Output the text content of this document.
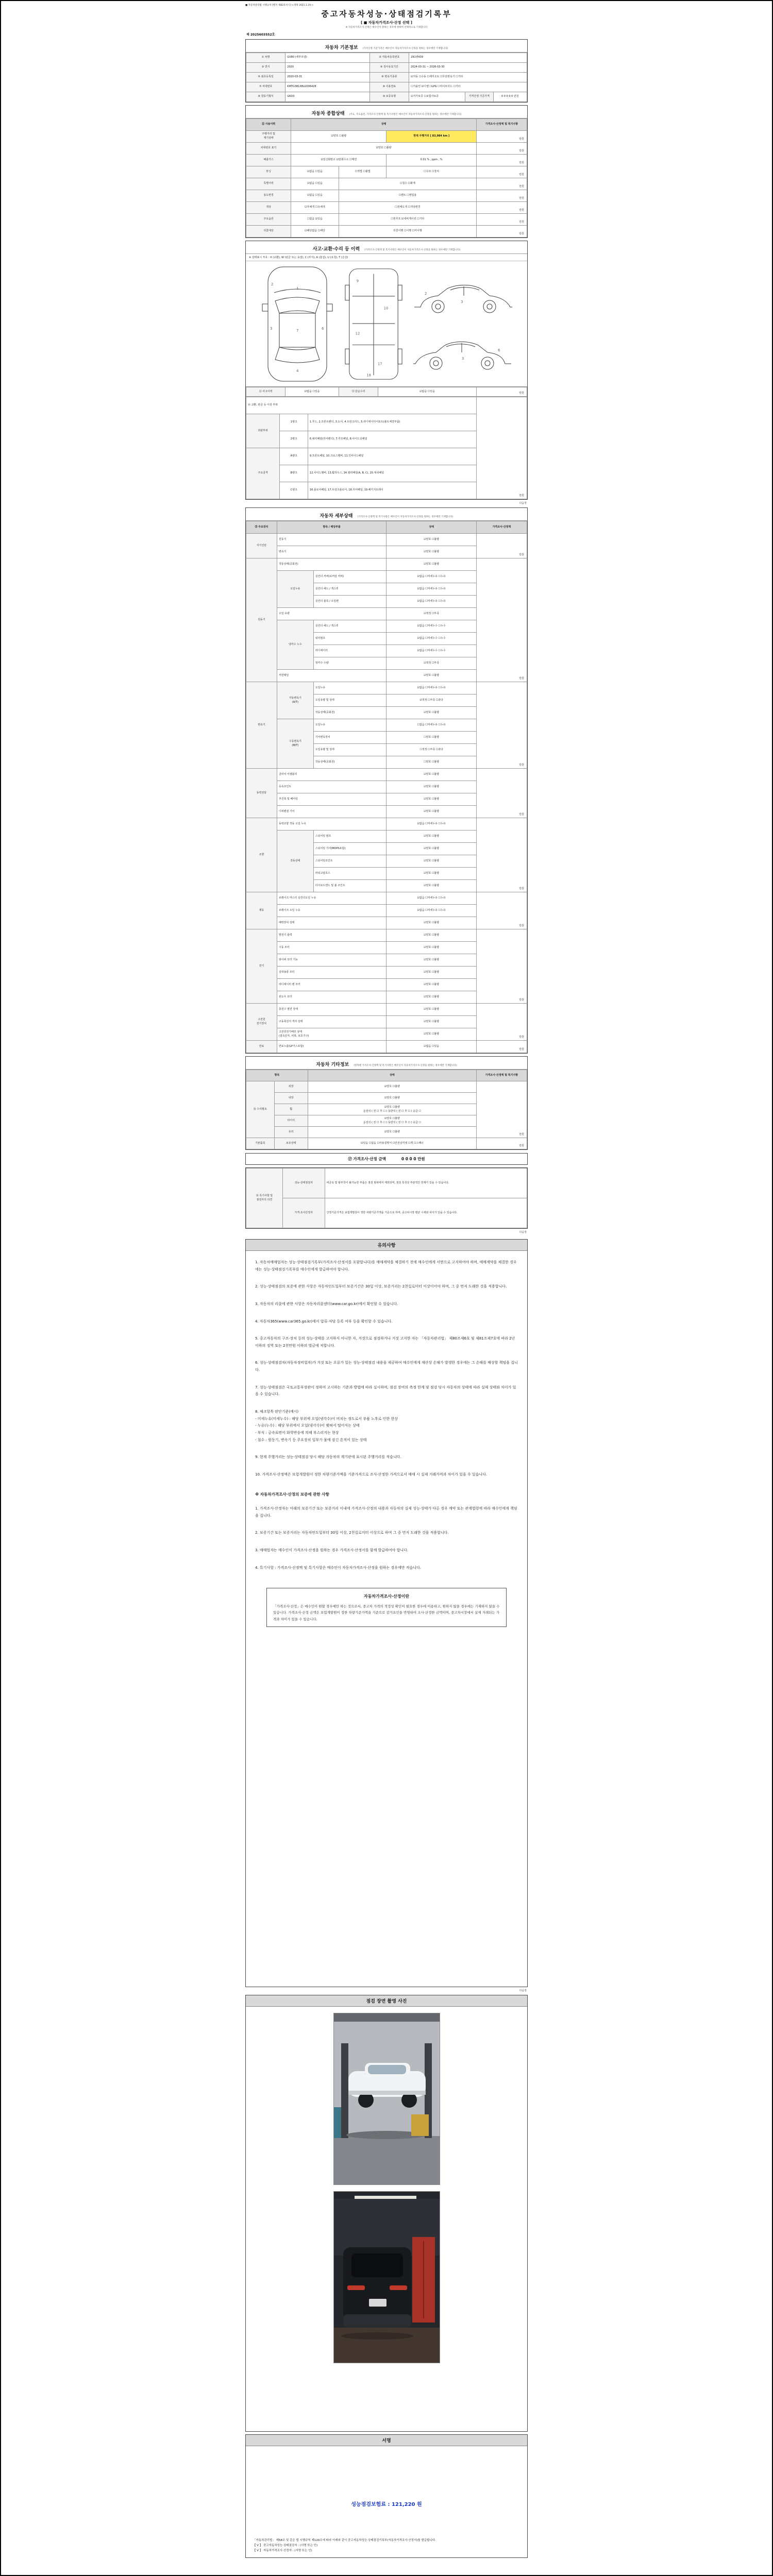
■ 자동차관리법 시행규칙 [별지 제82호서식] <개정 2021.1.19.>
중고자동차성능·상태점검기록부
[ ■ 자동차가격조사·산정 선택 ]
※ 자동차가격조사·산정은 매수인이 원하는 경우에 한하여 선택적으로 기재합니다
제 2025603552호
자동차 기본정보 (가격산정 기준가격은 매수인이 자동차가격조사·산정을 원하는 경우에만 기재합니다)
① 차명	GV80 (세부모델)	② 자동차등록번호	291병439		
③ 연식	2020	④ 검사유효기간	2024-03-31 ~ 2026-03-30		
⑤ 최초등록일	2020-03-31	⑥ 변속기종류	☑자동 ☐수동 ☐세미오토 ☐무단변속기 ☐기타		
⑦ 차대번호	KMTG381XBLU006428	⑧ 사용연료	☐가솔린 ☑디젤 ☐LPG ☐하이브리드 ☐기타		
⑨ 원동기형식	G6D3	⑩ 보증유형	☑자가보증 ☐보험사보증	가격산정 기준가격	0 0 0 0 0 만원
자동차 종합상태 (주요, 주요옵션, 가격조사·산정액 및 특기사항은 매수인이 자동차가격조사·산정을 원하는 경우에만 기재합니다)
⑪ 사용이력	상태			가격조사·산정액 및 특기사항
주행거리 및
계기상태	☑양호 ☐불량		현재 주행거리 [ 83,984 km ]	만원
차대번호 표기	☑양호 ☐불량			만원
배출가스	☑일산화탄소 ☑탄화수소 ☐매연		0.01 % , ppm , %	만원
튜닝	☑없음 ☐있음	☐적법 ☐불법	☐구조 ☐장치	만원
특별이력	☑없음 ☐있음	☐침수 ☐화재		만원
용도변경	☑없음 ☐있음	☐렌트 ☐영업용		만원
색상	☑무채색 ☐유채색	☐전체도색 ☐색상변경		만원
주요옵션	☐없음 ☑있음	☐썬루프 ☑네비게이션 ☐기타		만원
리콜대상	☑해당없음 ☐해당	리콜이행 ☐이행 ☐미이행		만원
사고·교환·수리 등 이력 (가격조사·산정액 및 특기사항은 매수인이 자동차가격조사·산정을 원하는 경우에만 기재합니다)
※ 상태표시 부호 : X (교환), W (판금 또는 용접), C (부식), A (흠집), U (요철), T (손상)
1
2
3	7	6
4
9
10
12
17
18
3
2
3
6
⑫ 사고이력	☑없음 ☐있음	⑬ 단순수리	☑없음 ☐있음	만원
⑭ 교환, 판금 등 이상 부위			만원
외판부위	1랭크	1.후드, 2.프론트펜더, 3.도어, 4.트렁크리드, 5.라디에이터서포트(볼트체결부품)	
	2랭크	6.쿼터패널(리어펜더), 7.루프패널, 8.사이드실패널	
주요골격	A랭크	9.프론트패널, 10.크로스멤버, 11.인사이드패널	
	B랭크	12.사이드멤버, 13.휠하우스, 14.필러패널(A, B, C), 15.대쉬패널	
	C랭크	16.플로어패널, 17.트렁크플로어, 18.리어패널, 19.패키지트레이	
다음장
자동차 세부상태 (가격조사·산정액 및 특기사항은 매수인이 자동차가격조사·산정을 원하는 경우에만 기재합니다)
⑮ 주요장치	항목 / 해당부품		상태	가격조사·산정액
자기진단	원동기		☑양호 ☐불량	만원
	변속기		☑양호 ☐불량	
원동기	작동상태(공회전)		☑양호 ☐불량	만원
	오일누유	실린더 커버(로커암 커버)	☑없음 ☐미세누유 ☐누유	
		실린더 헤드 / 개스킷	☑없음 ☐미세누유 ☐누유	
		실린더 블록 / 오일팬	☑없음 ☐미세누유 ☐누유	
	오일 유량		☑적정 ☐부족	
	냉각수 누수	실린더 헤드 / 개스킷	☑없음 ☐미세누수 ☐누수	
		워터펌프	☑없음 ☐미세누수 ☐누수	
		라디에이터	☑없음 ☐미세누수 ☐누수	
		냉각수 수량	☑적정 ☐부족	
	커먼레일		☑양호 ☐불량	
변속기	자동변속기
(A/T)	오일누유	☑없음 ☐미세누유 ☐누유	만원
		오일유량 및 상태	☑적정 ☐부족 ☐과다	
		작동상태(공회전)	☑양호 ☐불량	
	수동변속기
(M/T)	오일누유	☐없음 ☐미세누유 ☐누유	
		기어변속장치	☐양호 ☐불량	
		오일유량 및 상태	☐적정 ☐부족 ☐과다	
		작동상태(공회전)	☐양호 ☐불량	
동력전달	클러치 어셈블리		☑양호 ☐불량	만원
	등속조인트		☑양호 ☐불량	
	추진축 및 베어링		☑양호 ☐불량	
	디퍼렌셜 기어		☑양호 ☐불량	
조향	동력조향 작동 오일 누유		☑없음 ☐미세누유 ☐누유	만원
	작동상태	스티어링 펌프	☑양호 ☐불량	
		스티어링 기어(MDPS포함)	☑양호 ☐불량	
		스티어링조인트	☑양호 ☐불량	
		파워고압호스	☑양호 ☐불량	
		타이로드엔드 및 볼 조인트	☑양호 ☐불량	
제동	브레이크 마스터 실린더오일 누유		☑없음 ☐미세누유 ☐누유	만원
	브레이크 오일 누유		☑없음 ☐미세누유 ☐누유	
	배력장치 상태		☑양호 ☐불량	
전기	발전기 출력		☑양호 ☐불량	만원
	시동 모터		☑양호 ☐불량	
	와이퍼 모터 기능		☑양호 ☐불량	
	실내송풍 모터		☑양호 ☐불량	
	라디에이터 팬 모터		☑양호 ☐불량	
	윈도우 모터		☑양호 ☐불량	
고전원
전기장치	충전구 절연 상태		☑양호 ☐불량	만원
	구동축전지 격리 상태		☑양호 ☐불량	
	고전원전기배선 상태
(접속단자, 피복, 보호기구)		☑양호 ☐불량	
연료	연료누출(LP가스포함)		☑없음 ☐있음	만원
자동차 기타정보 (항목별 가격조사·산정액 및 특기사항은 매수인이 자동차가격조사·산정을 원하는 경우에만 기재합니다)
항목		상태	가격조사·산정액 및 특기사항
⑯ 수리필요	외장	☑양호 ☐불량	만원
	내장	☑양호 ☐불량	
	휠	☑양호 ☐불량
운전석 ( 전 ☐ 후 ☐ ) 동반석 ( 전 ☐ 후 ☐ ) 응급 ☐	
	타이어	☑양호 ☐불량
운전석 ( 전 ☐ 후 ☐ ) 동반석 ( 전 ☐ 후 ☐ ) 응급 ☐	
	유리	☑양호 ☐불량	
기본품목	보유상태	☑있음 ☐없음 ☐사용설명서 ☐안전삼각대 ☐잭 ☐스패너	만원
⑰ 가격조사·산정 금액	0 0 0 0 만원
⑱ 특기사항 및
점검자의 의견	성능·상태점검자	비금속 및 탈부착이 불가능한 부품은 점검 범위에서 제외되며, 점검 특성상 부분적인 한계가 있을 수 있습니다.
	가격·조사산정자	산정기준가격은 보험개발원이 정한 차량기준가액을 기준으로 하며, 중고차시장 평균 시세와 차이가 있을 수 있습니다.
다음장
유의사항

1. 자동차매매업자는 성능·상태점검기록부(가격조사·산정서를 포함합니다)를 매매계약을 체결하기 전에 매수인에게 서면으로 고지하여야 하며, 매매계약을 체결한 경우에는 성능·상태점검기록부를 매수인에게 발급하여야 합니다.

2. 성능·상태점검의 보증에 관한 사항은 자동차인도일부터 보증기간은 30일 이상, 보증거리는 2천킬로미터 이상이어야 하며, 그 중 먼저 도래한 것을 적용합니다.

3. 자동차의 리콜에 관한 사항은 자동차리콜센터(www.car.go.kr)에서 확인할 수 있습니다.

4. 자동차365(www.car365.go.kr)에서 압류·저당 등록 여부 등을 확인할 수 있습니다.

5. 중고자동차의 구조·장치 등의 성능·상태를 고지하지 아니한 자, 거짓으로 점검하거나 거짓 고지한 자는 「자동차관리법」 제80조제6호 및 제81조제7호에 따라 2년 이하의 징역 또는 2천만원 이하의 벌금에 처합니다.

6. 성능·상태점검자(자동차정비업자)가 거짓 또는 오류가 있는 성능·상태점검 내용을 제공하여 매수인에게 재산상 손해가 발생한 경우에는 그 손해를 배상할 책임을 집니다.

7. 성능·상태점검은 국토교통부장관이 정하여 고시하는 기준과 방법에 따라 실시하며, 점검 장비의 측정 한계 및 점검 당시 자동차의 상태에 따라 실제 상태와 차이가 있을 수 있습니다.

8. 체크항목 판단기준(예시)
- 미세누유(미세누수) : 해당 부위에 오일(냉각수)이 비치는 정도로서 부품 노후로 인한 현상
- 누유(누수) : 해당 부위에서 오일(냉각수)이 맺혀서 떨어지는 상태
- 부식 : 금속표면이 화학반응에 의해 부스러지는 현상
- 침수 : 원동기, 변속기 등 주요장치 일부가 물에 잠긴 흔적이 있는 상태

9. 현재 주행거리는 성능·상태점검 당시 해당 자동차의 계기판에 표시된 주행거리를 적습니다.

10. 가격조사·산정액은 보험개발원이 정한 차량기준가액을 기준가격으로 조사·산정한 가격으로서 매매 시 실제 거래가격과 차이가 있을 수 있습니다.

※ 자동차가격조사·산정의 보증에 관한 사항

1. 가격조사·산정자는 아래의 보증기간 또는 보증거리 이내에 가격조사·산정의 내용과 자동차의 실제 성능·상태가 다른 경우 계약 또는 관계법령에 따라 매수인에게 책임을 집니다.

2. 보증기간 또는 보증거리는 자동차인도일부터 30일 이상, 2천킬로미터 이상으로 하며 그 중 먼저 도래한 것을 적용합니다.

3. 매매업자는 매수인이 가격조사·산정을 원하는 경우 가격조사·산정서를 함께 발급하여야 합니다.

4. 특기사항 : 가격조사·산정액 및 특기사항은 매수인이 자동차가격조사·산정을 원하는 경우에만 적습니다.

자동차가격조사·산정이란
「가격조사·산정」은 매수인이 원할 경우에만 하는 것으로서, 중고차 가격의 적정성 확인이 필요한 경우에 이용하고, 원하지 않을 경우에는 기재하지 않을 수 있습니다. 가격조사·산정 금액은 보험개발원이 정한 차량기준가액을 기준으로 감가요인을 반영하여 조사·산정한 금액이며, 중고차시장에서 실제 거래되는 가격과 차이가 있을 수 있습니다.
다음장
점검 장면 촬영 사진
서명
성능점검보험료 : 121,220 원

「자동차관리법」 제58조 및 같은 법 시행규칙 제120조에 따라 아래와 같이 중고자동차성능·상태점검기록부(자동차가격조사·산정서)를 발급합니다.

【 V 】 중고자동차성능·상태점검자 : (서명 또는 인)

【 V 】 자동차가격조사·산정자 : (서명 또는 인)
